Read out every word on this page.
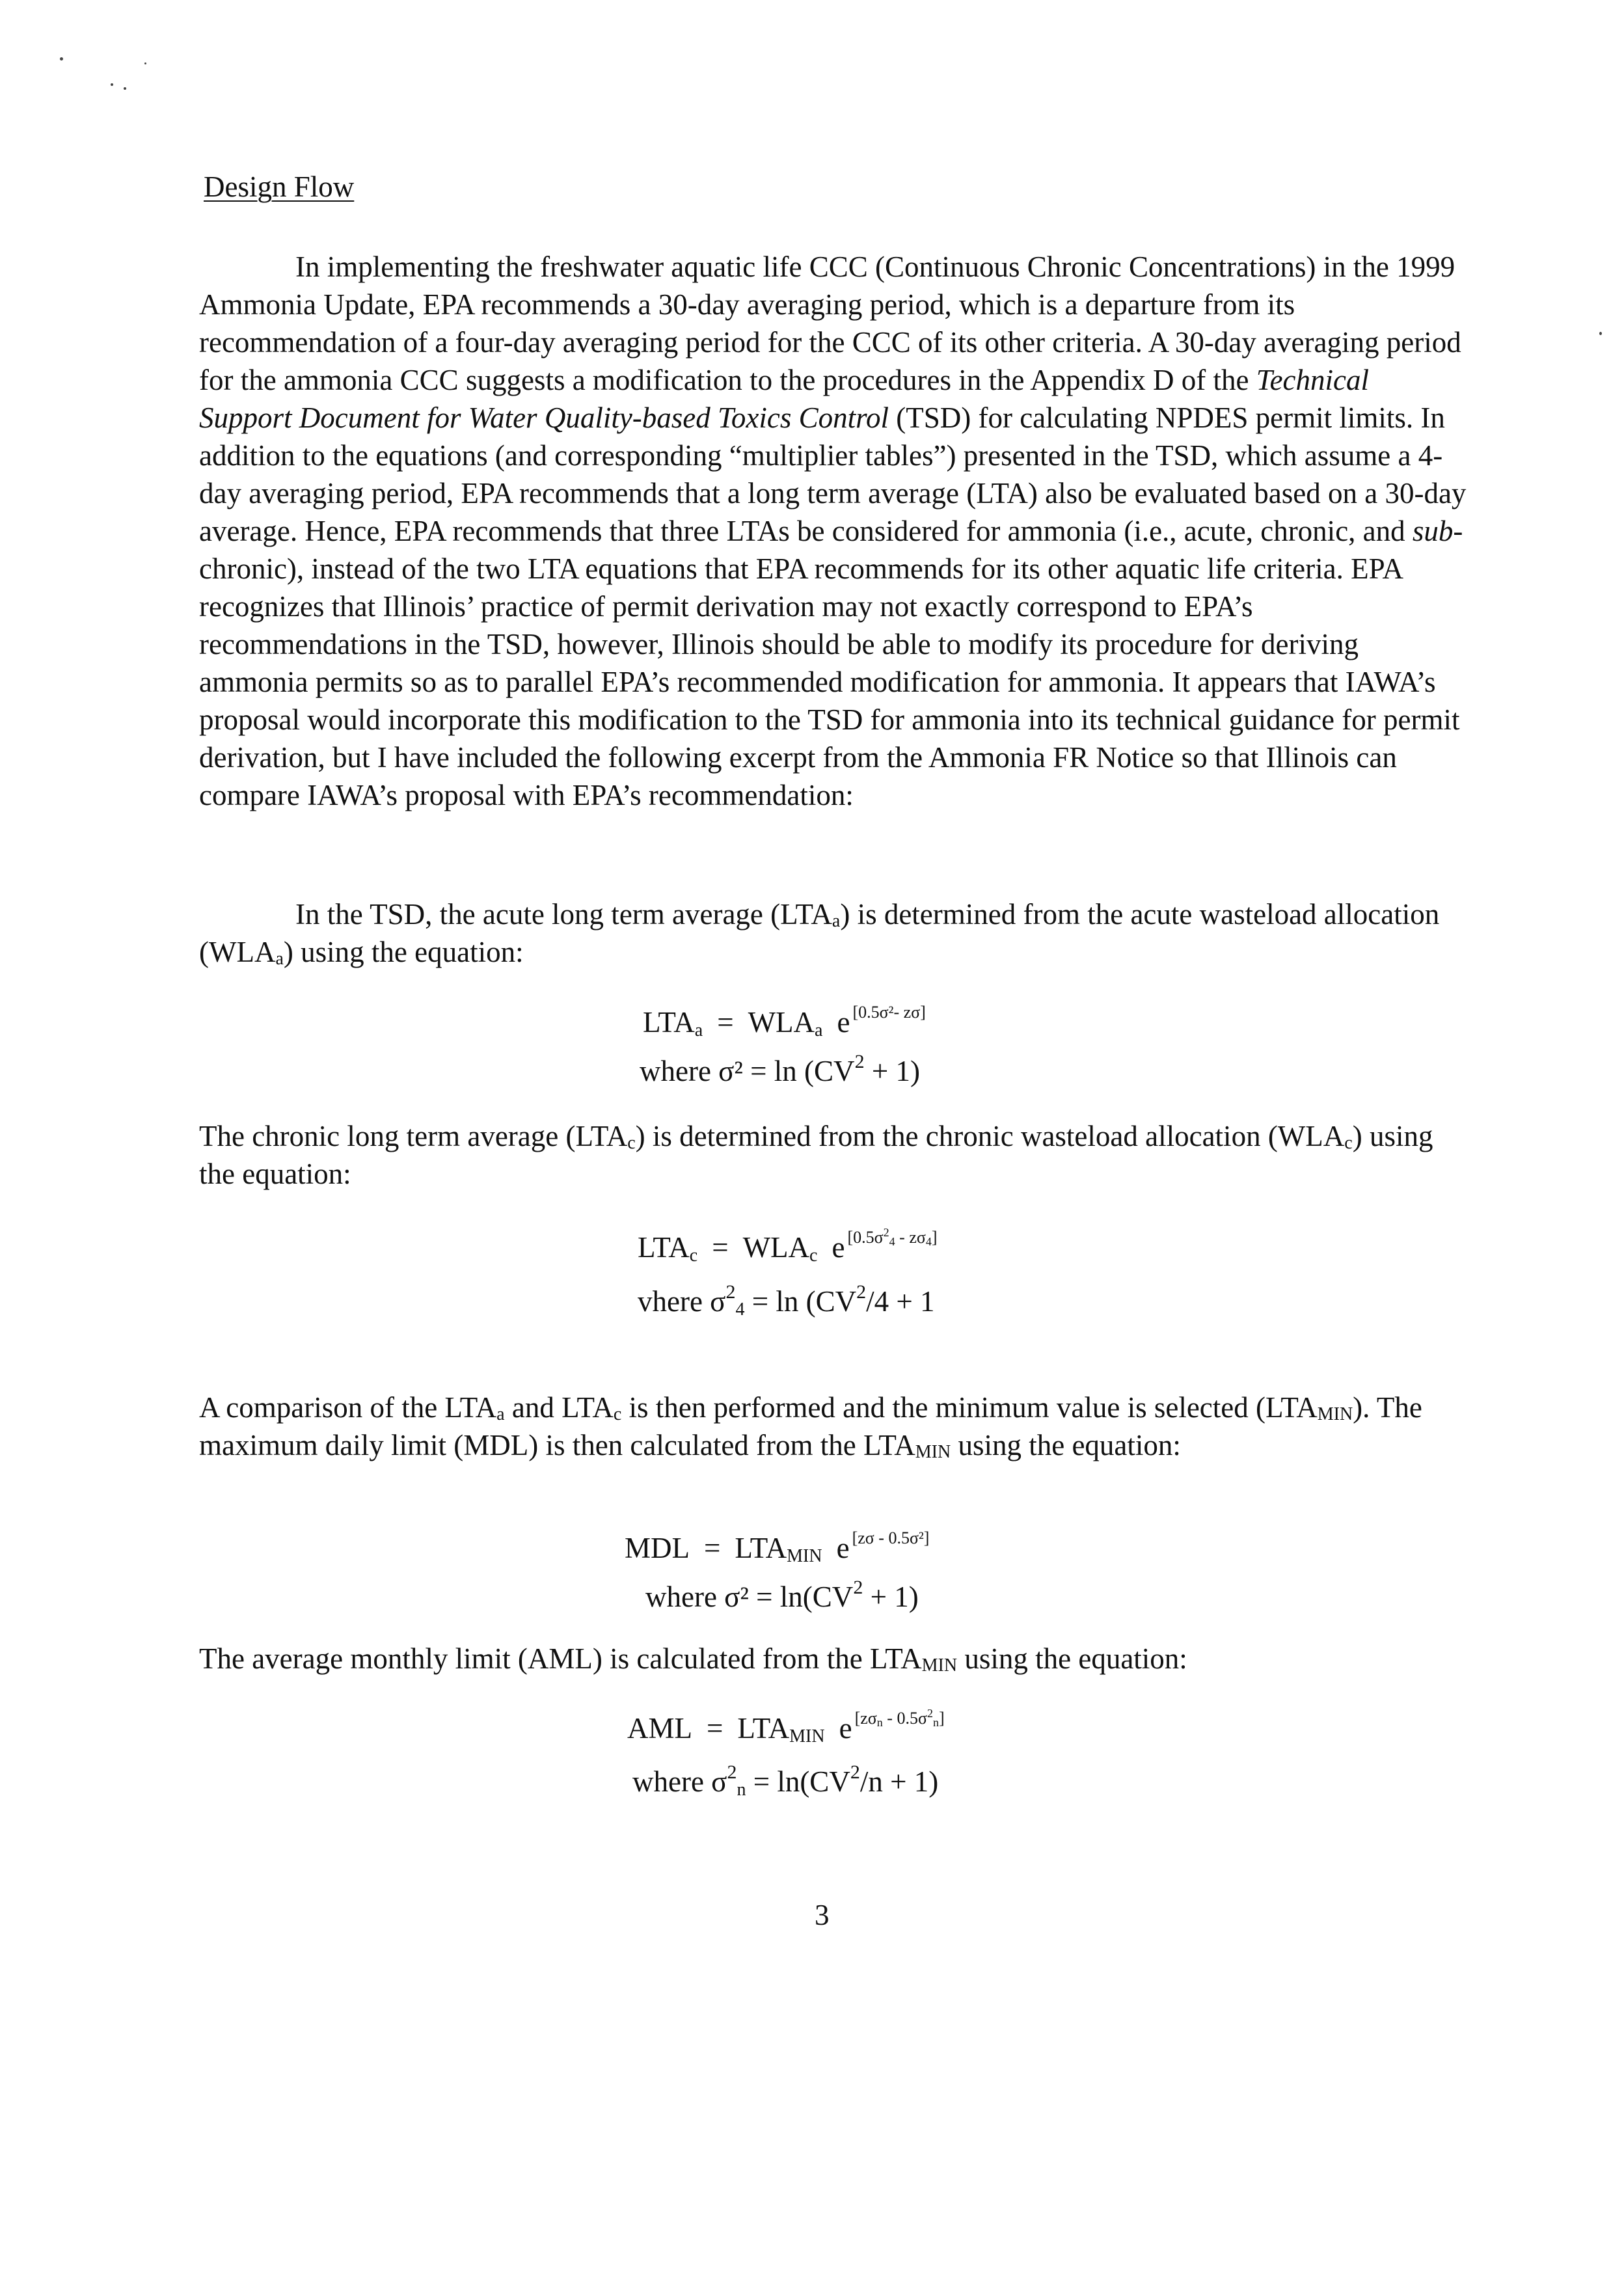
Design Flow
In implementing the freshwater aquatic life CCC (Continuous Chronic Concentrations) in the 1999 Ammonia Update, EPA recommends a 30-day averaging period, which is a departure from its recommendation of a four-day averaging period for the CCC of its other criteria. A 30-day averaging period for the ammonia CCC suggests a modification to the procedures in the Appendix D of the Technical Support Document for Water Quality-based Toxics Control (TSD) for calculating NPDES permit limits. In addition to the equations (and corresponding “multiplier tables”) presented in the TSD, which assume a 4-day averaging period, EPA recommends that a long term average (LTA) also be evaluated based on a 30-day average. Hence, EPA recommends that three LTAs be considered for ammonia (i.e., acute, chronic, and sub-chronic), instead of the two LTA equations that EPA recommends for its other aquatic life criteria. EPA recognizes that Illinois’ practice of permit derivation may not exactly correspond to EPA’s recommendations in the TSD, however, Illinois should be able to modify its procedure for deriving ammonia permits so as to parallel EPA’s recommended modification for ammonia. It appears that IAWA’s proposal would incorporate this modification to the TSD for ammonia into its technical guidance for permit derivation, but I have included the following excerpt from the Ammonia FR Notice so that Illinois can compare IAWA’s proposal with EPA’s recommendation:
In the TSD, the acute long term average $(LTA_a)$ is determined from the acute wasteload allocation $(WLA_a)$ using the equation:
$LTA_a = WLA_a$ e [0.5σ²- zσ]
where $\sigma^2 = \ln (CV^2 + 1)$
The chronic long term average $(LTA_c)$ is determined from the chronic wasteload allocation $(WLA_c)$ using the equation:
$LTA_c = WLA_c$ e [0.5σ24 - zσ4]
vhere $\sigma^2_4 = \ln (CV^2/4 + 1$
A comparison of the $LTA_a$ and $LTA_c$ is then performed and the minimum value is selected $(LTA_{MIN})$. The maximum daily limit (MDL) is then calculated from the $LTA_{MIN}$ using the equation:
MDL = $LTA_{MIN}$ e [zσ - 0.5σ²]
where $\sigma^2 = \ln(CV^2 + 1)$
The average monthly limit (AML) is calculated from the $LTA_{MIN}$ using the equation:
AML = $LTA_{MIN}$ e [zσn - 0.5σ2n]
where $\sigma^2_n = \ln(CV^2/n + 1)$
3
